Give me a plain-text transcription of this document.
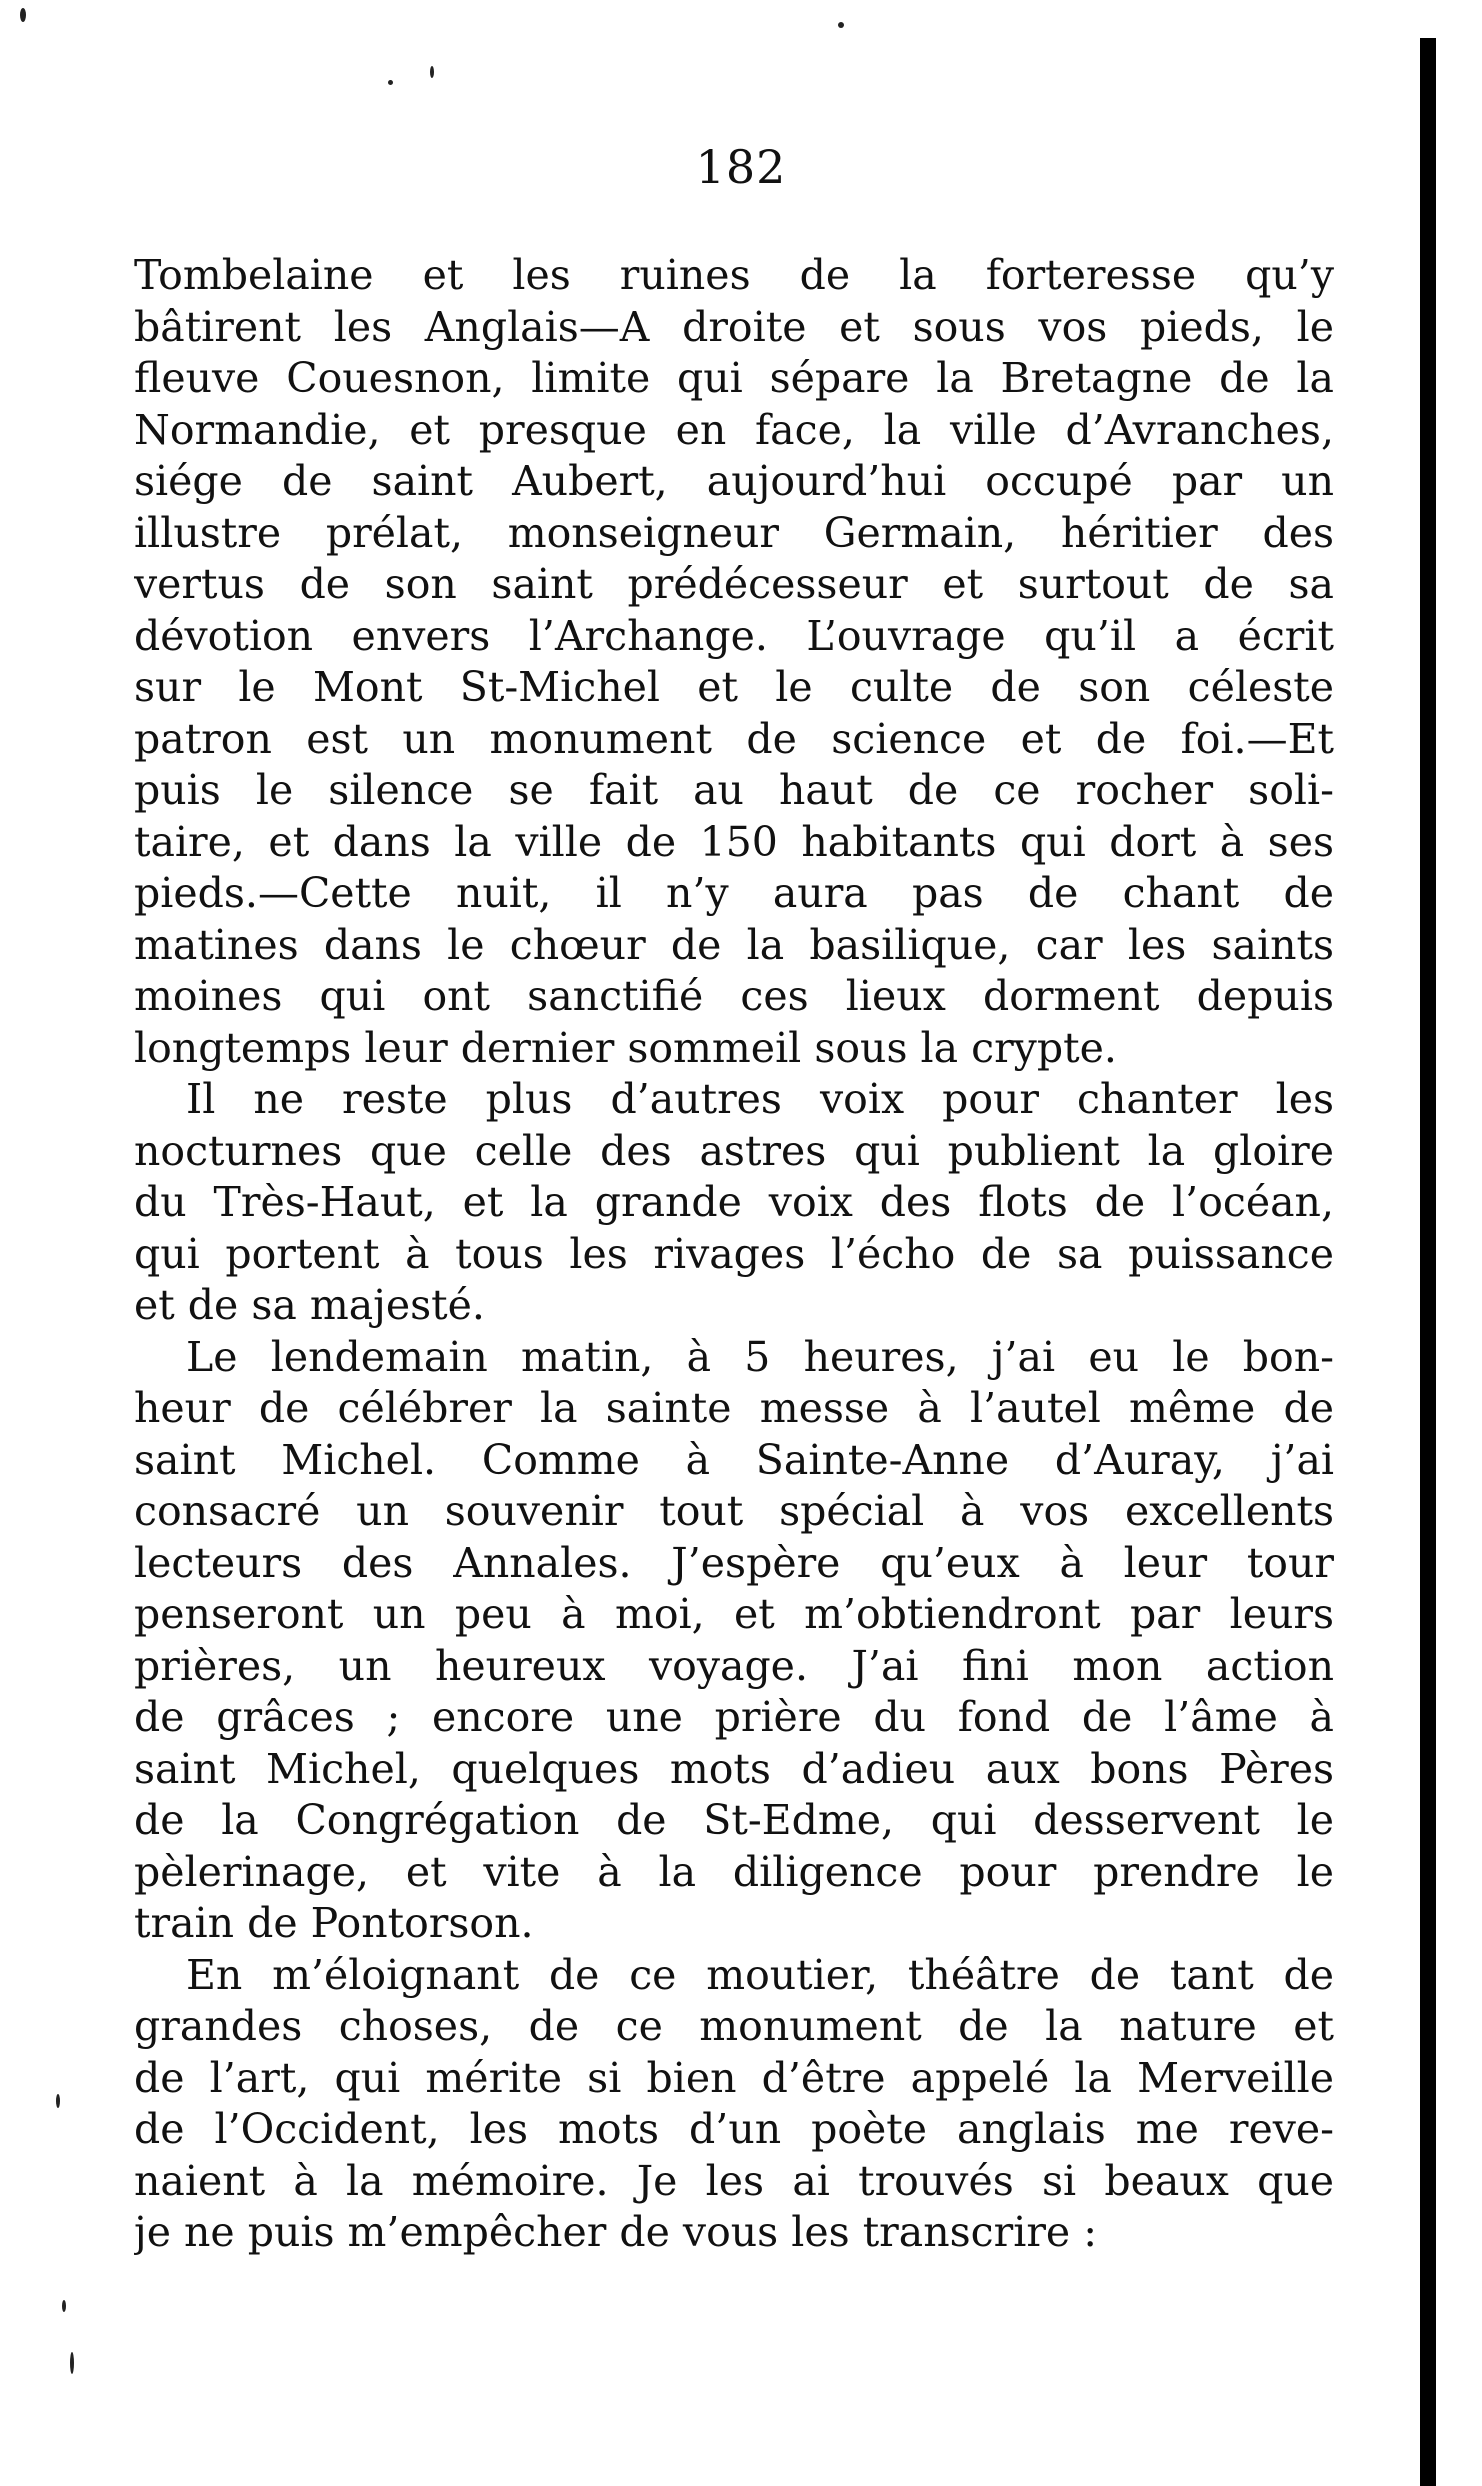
182
Tombelaine et les ruines de la forteresse qu’y
bâtirent les Anglais—A droite et sous vos pieds, le
fleuve Couesnon, limite qui sépare la Bretagne de la
Normandie, et presque en face, la ville d’Avranches,
siége de saint Aubert, aujourd’hui occupé par un
illustre prélat, monseigneur Germain, héritier des
vertus de son saint prédécesseur et surtout de sa
dévotion envers l’Archange. L’ouvrage qu’il a écrit
sur le Mont St-Michel et le culte de son céleste
patron est un monument de science et de foi.—Et
puis le silence se fait au haut de ce rocher soli-
taire, et dans la ville de 150 habitants qui dort à ses
pieds.—Cette nuit, il n’y aura pas de chant de
matines dans le chœur de la basilique, car les saints
moines qui ont sanctifié ces lieux dorment depuis
longtemps leur dernier sommeil sous la crypte.
Il ne reste plus d’autres voix pour chanter les
nocturnes que celle des astres qui publient la gloire
du Très-Haut, et la grande voix des flots de l’océan,
qui portent à tous les rivages l’écho de sa puissance
et de sa majesté.
Le lendemain matin, à 5 heures, j’ai eu le bon-
heur de célébrer la sainte messe à l’autel même de
saint Michel. Comme à Sainte-Anne d’Auray, j’ai
consacré un souvenir tout spécial à vos excellents
lecteurs des Annales. J’espère qu’eux à leur tour
penseront un peu à moi, et m’obtiendront par leurs
prières, un heureux voyage. J’ai fini mon action
de grâces ; encore une prière du fond de l’âme à
saint Michel, quelques mots d’adieu aux bons Pères
de la Congrégation de St-Edme, qui desservent le
pèlerinage, et vite à la diligence pour prendre le
train de Pontorson.
En m’éloignant de ce moutier, théâtre de tant de
grandes choses, de ce monument de la nature et
de l’art, qui mérite si bien d’être appelé la Merveille
de l’Occident, les mots d’un poète anglais me reve-
naient à la mémoire. Je les ai trouvés si beaux que
je ne puis m’empêcher de vous les transcrire :
